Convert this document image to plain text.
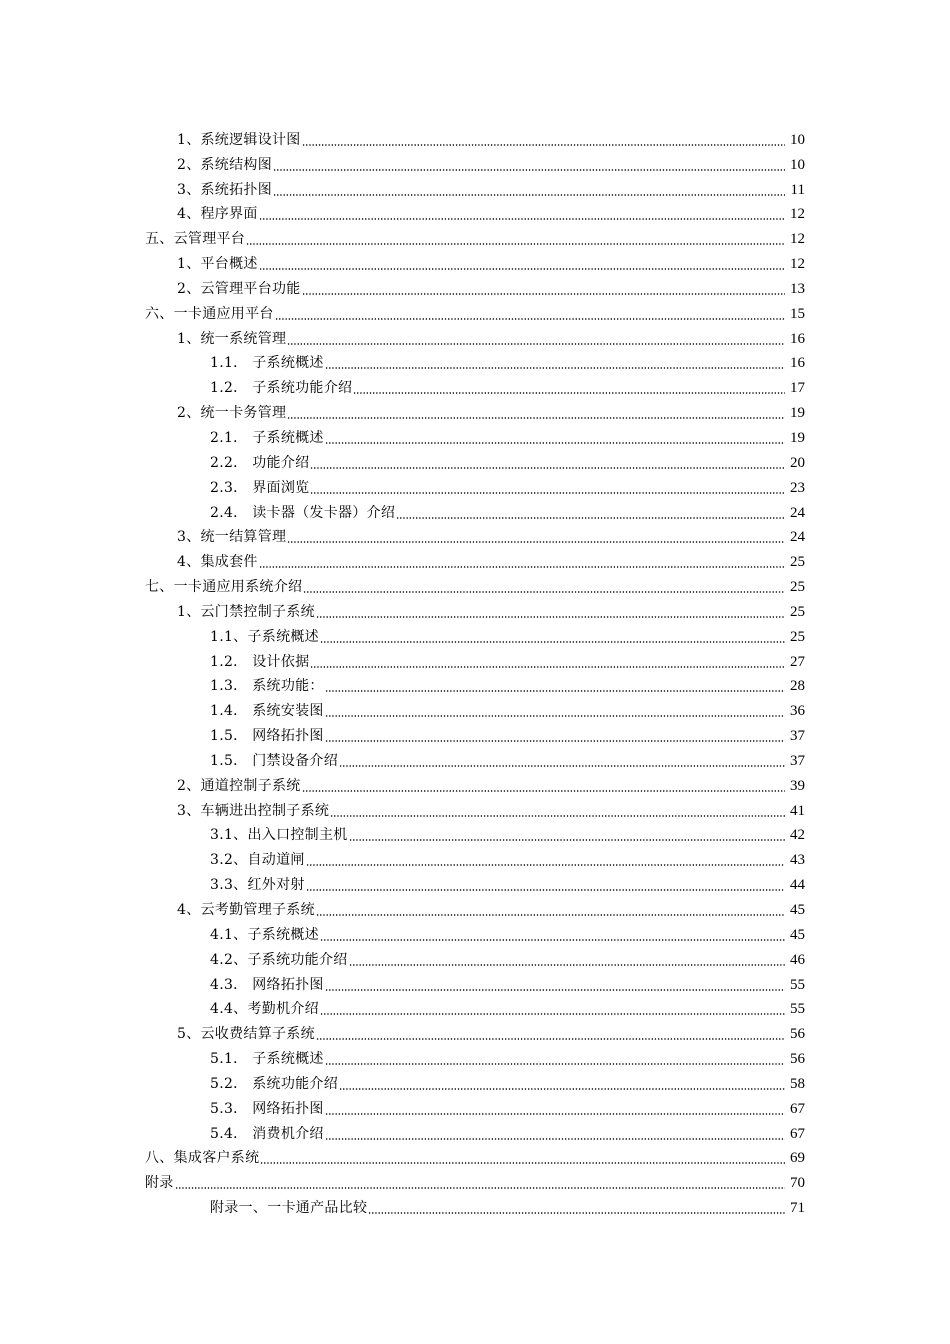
1、系统逻辑设计图	10
2、系统结构图	10
3、系统拓扑图	11
4、程序界面	12
五、云管理平台	12
1、平台概述	12
2、云管理平台功能	13
六、一卡通应用平台	15
1、统一系统管理	16
1.1． 子系统概述	16
1.2． 子系统功能介绍	17
2、统一卡务管理	19
2.1． 子系统概述	19
2.2． 功能介绍	20
2.3． 界面浏览	23
2.4． 读卡器（发卡器）介绍	24
3、统一结算管理	24
4、集成套件	25
七、一卡通应用系统介绍	25
1、云门禁控制子系统	25
1.1、子系统概述	25
1.2． 设计依据	27
1.3． 系统功能：	28
1.4． 系统安装图	36
1.5． 网络拓扑图	37
1.5． 门禁设备介绍	37
2、通道控制子系统	39
3、车辆进出控制子系统	41
3.1、出入口控制主机	42
3.2、自动道闸	43
3.3、红外对射	44
4、云考勤管理子系统	45
4.1、子系统概述	45
4.2、子系统功能介绍	46
4.3． 网络拓扑图	55
4.4、考勤机介绍	55
5、云收费结算子系统	56
5.1． 子系统概述	56
5.2． 系统功能介绍	58
5.3． 网络拓扑图	67
5.4． 消费机介绍	67
八、集成客户系统	69
附录	70
附录一、一卡通产品比较	71
